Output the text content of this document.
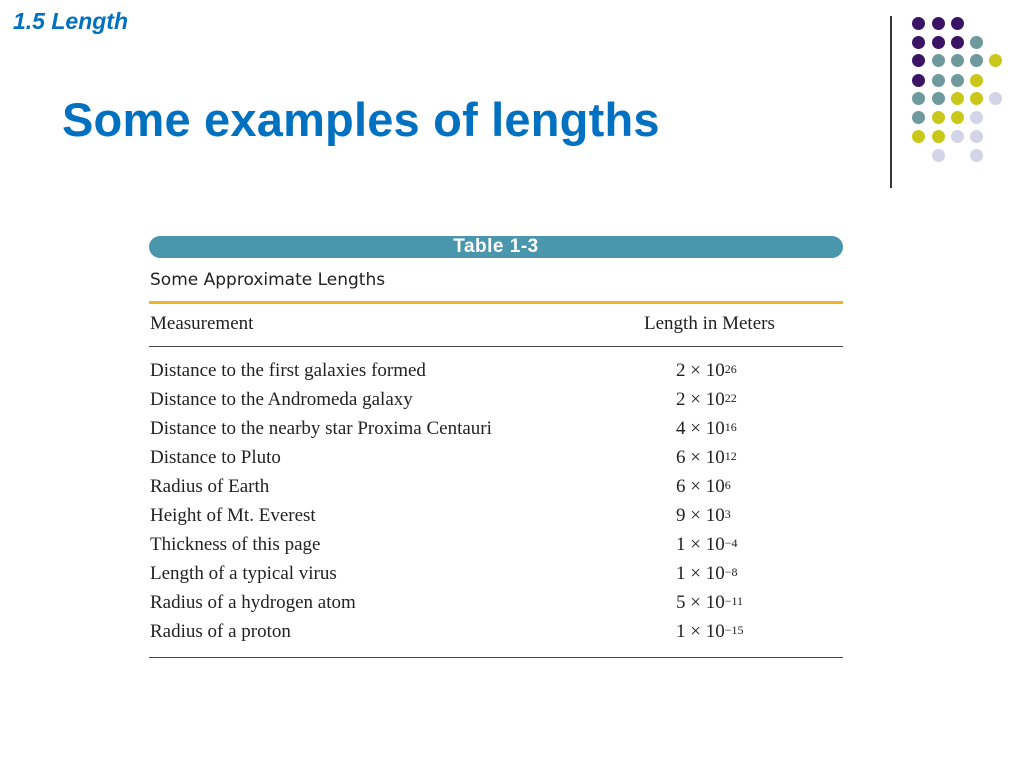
1.5 Length
Some examples of lengths
Table 1-3
Some Approximate Lengths
Measurement	Length in Meters
Distance to the first galaxies formed	$2 \times 10^{26}$
Distance to the Andromeda galaxy	$2 \times 10^{22}$
Distance to the nearby star Proxima Centauri	$4 \times 10^{16}$
Distance to Pluto	$6 \times 10^{12}$
Radius of Earth	$6 \times 10^6$
Height of Mt. Everest	$9 \times 10^3$
Thickness of this page	$1 \times 10^{-4}$
Length of a typical virus	$1 \times 10^{-8}$
Radius of a hydrogen atom	$5 \times 10^{-11}$
Radius of a proton	$1 \times 10^{-15}$
